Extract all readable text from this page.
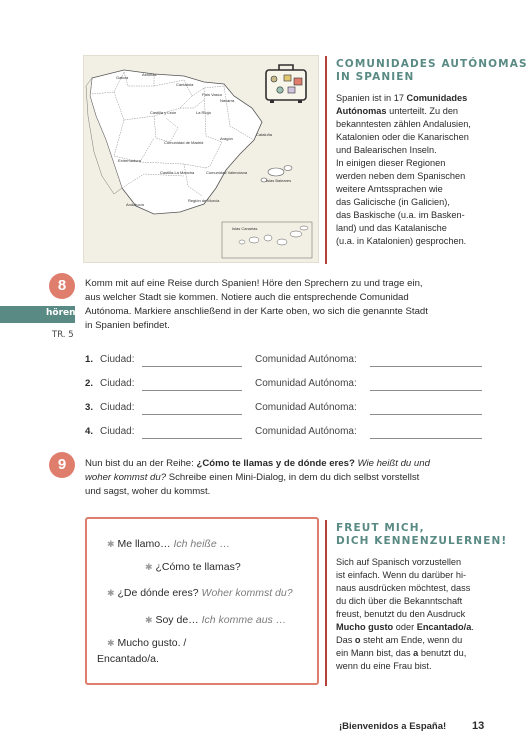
Galicia
Asturias
Cantabria
País Vasco
Navarra
Castilla y León	La Rioja
Aragón
Cataluña
Comunidad de Madrid
Extremadura
Castilla-La Mancha	Comunidad Valenciana
Islas Baleares
Región de Murcia
Andalucía
Islas Canarias
COMUNIDADES AUTÓNOMAS
IN SPANIEN
Spanien ist in 17 Comunidades Autónomas unterteilt. Zu den
bekanntesten zählen Andalusien,
Katalonien oder die Kanarischen
und Balearischen Inseln.
In einigen dieser Regionen
werden neben dem Spanischen
weitere Amtssprachen wie
das Galicische (in Galicien),
das Baskische (u.a. im Basken-
land) und das Katalanische
(u.a. in Katalonien) gesprochen.
8
hören
TR. 5
Komm mit auf eine Reise durch Spanien! Höre den Sprechern zu und trage ein,
aus welcher Stadt sie kommen. Notiere auch die entsprechende Comunidad
Autónoma. Markiere anschließend in der Karte oben, wo sich die genannte Stadt
in Spanien befindet.
1. Ciudad:	Comunidad Autónoma:
2. Ciudad:	Comunidad Autónoma:
3. Ciudad:	Comunidad Autónoma:
4. Ciudad:	Comunidad Autónoma:
9	Nun bist du an der Reihe: ¿Cómo te llamas y de dónde eres? Wie heißt du und
woher kommst du? Schreibe einen Mini-Dialog, in dem du dich selbst vorstellst
und sagst, woher du kommst.
✱ Me llamo… Ich heiße …
✱ ¿Cómo te llamas?
✱ ¿De dónde eres? Woher kommst du?
✱ Soy de… Ich komme aus …
✱ Mucho gusto. /
Encantado/a.
FREUT MICH,
DICH KENNENZULERNEN!
Sich auf Spanisch vorzustellen
ist einfach. Wenn du darüber hi-
naus ausdrücken möchtest, dass
du dich über die Bekanntschaft
freust, benutzt du den Ausdruck
Mucho gusto oder Encantado/a.
Das o steht am Ende, wenn du
ein Mann bist, das a benutzt du,
wenn du eine Frau bist.
¡Bienvenidos a España! 13
